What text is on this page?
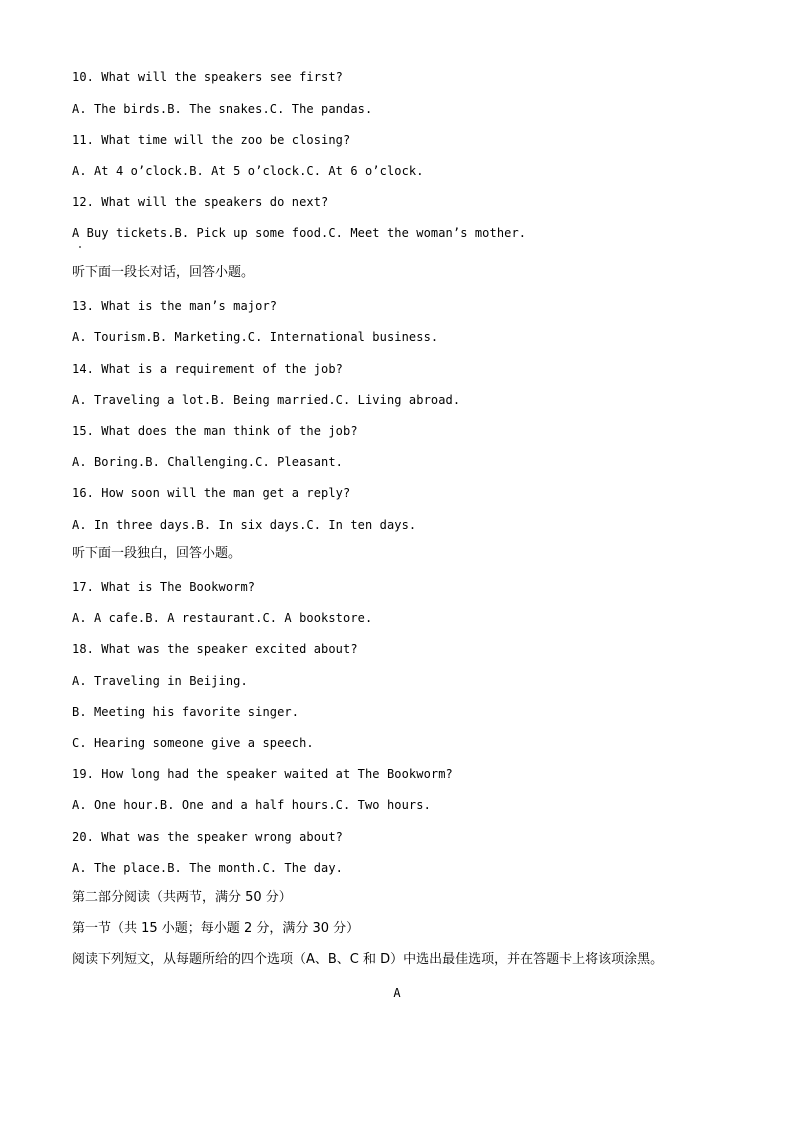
10. What will the speakers see first?
A. The birds.B. The snakes.C. The pandas.
11. What time will the zoo be closing?
A. At 4 o’clock.B. At 5 o’clock.C. At 6 o’clock.
12. What will the speakers do next?
A Buy tickets.B. Pick up some food.C. Meet the woman’s mother.
听下面一段长对话，回答小题。
13. What is the man’s major?
A. Tourism.B. Marketing.C. International business.
14. What is a requirement of the job?
A. Traveling a lot.B. Being married.C. Living abroad.
15. What does the man think of the job?
A. Boring.B. Challenging.C. Pleasant.
16. How soon will the man get a reply?
A. In three days.B. In six days.C. In ten days.
听下面一段独白，回答小题。
17. What is The Bookworm?
A. A cafe.B. A restaurant.C. A bookstore.
18. What was the speaker excited about?
A. Traveling in Beijing.
B. Meeting his favorite singer.
C. Hearing someone give a speech.
19. How long had the speaker waited at The Bookworm?
A. One hour.B. One and a half hours.C. Two hours.
20. What was the speaker wrong about?
A. The place.B. The month.C. The day.
第二部分阅读（共两节，满分 50 分）
第一节（共 15 小题；每小题 2 分，满分 30 分）
阅读下列短文，从每题所给的四个选项（A、B、C 和 D）中选出最佳选项，并在答题卡上将该项涂黑。
A
